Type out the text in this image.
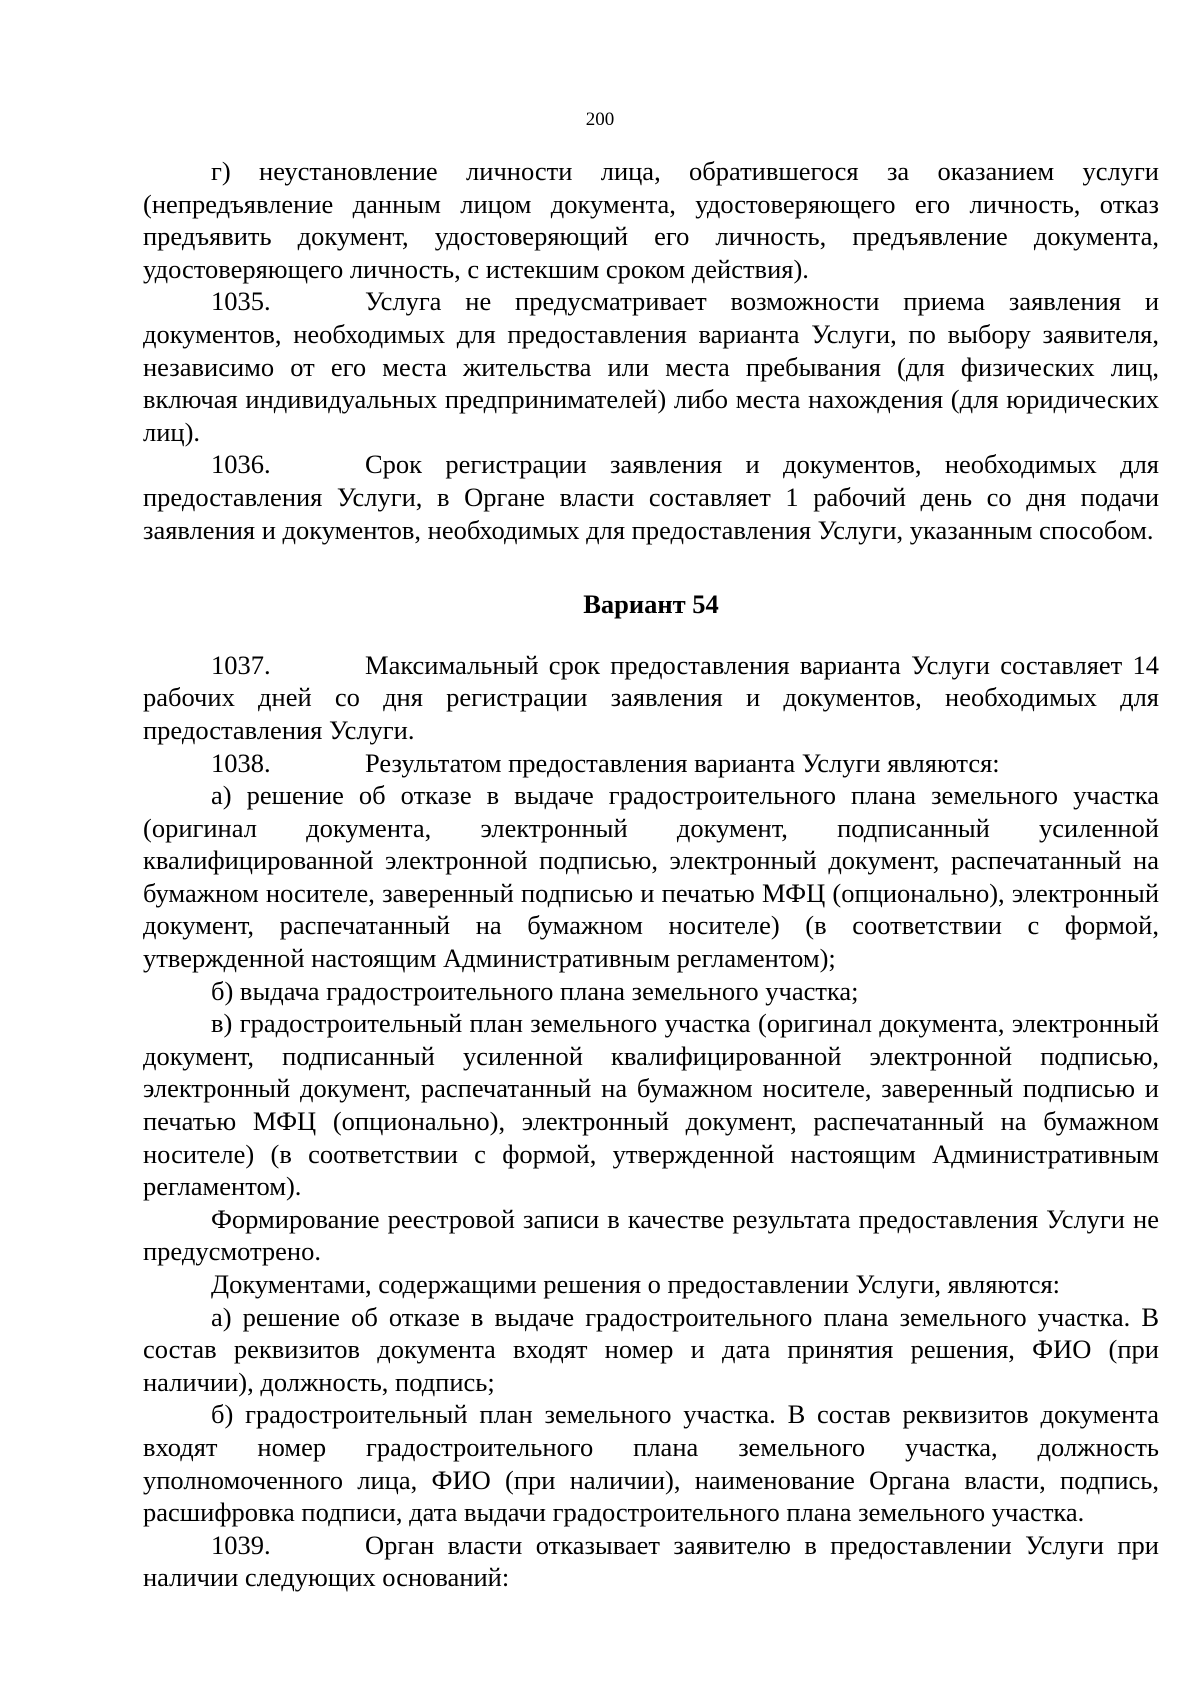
200

г) неустановление личности лица, обратившегося за оказанием услуги (непредъявление данным лицом документа, удостоверяющего его личность, отказ предъявить документ, удостоверяющий его личность, предъявление документа, удостоверяющего личность, с истекшим сроком действия).

1035.	Услуга не предусматривает возможности приема заявления и документов, необходимых для предоставления варианта Услуги, по выбору заявителя, независимо от его места жительства или места пребывания (для физических лиц, включая индивидуальных предпринимателей) либо места нахождения (для юридических лиц).

1036.	Срок регистрации заявления и документов, необходимых для предоставления Услуги, в Органе власти составляет 1 рабочий день со дня подачи заявления и документов, необходимых для предоставления Услуги, указанным способом.

Вариант 54

1037.	Максимальный срок предоставления варианта Услуги составляет 14 рабочих дней со дня регистрации заявления и документов, необходимых для предоставления Услуги.

1038.	Результатом предоставления варианта Услуги являются:

а) решение об отказе в выдаче градостроительного плана земельного участка (оригинал документа, электронный документ, подписанный усиленной квалифицированной электронной подписью, электронный документ, распечатанный на бумажном носителе, заверенный подписью и печатью МФЦ (опционально), электронный документ, распечатанный на бумажном носителе) (в соответствии с формой, утвержденной настоящим Административным регламентом);

б) выдача градостроительного плана земельного участка;

в) градостроительный план земельного участка (оригинал документа, электронный документ, подписанный усиленной квалифицированной электронной подписью, электронный документ, распечатанный на бумажном носителе, заверенный подписью и печатью МФЦ (опционально), электронный документ, распечатанный на бумажном носителе) (в соответствии с формой, утвержденной настоящим Административным регламентом).

Формирование реестровой записи в качестве результата предоставления Услуги не предусмотрено.

Документами, содержащими решения о предоставлении Услуги, являются:

а) решение об отказе в выдаче градостроительного плана земельного участка. В состав реквизитов документа входят номер и дата принятия решения, ФИО (при наличии), должность, подпись;

б) градостроительный план земельного участка. В состав реквизитов документа входят номер градостроительного плана земельного участка, должность уполномоченного лица, ФИО (при наличии), наименование Органа власти, подпись, расшифровка подписи, дата выдачи градостроительного плана земельного участка.

1039.	Орган власти отказывает заявителю в предоставлении Услуги при наличии следующих оснований:
